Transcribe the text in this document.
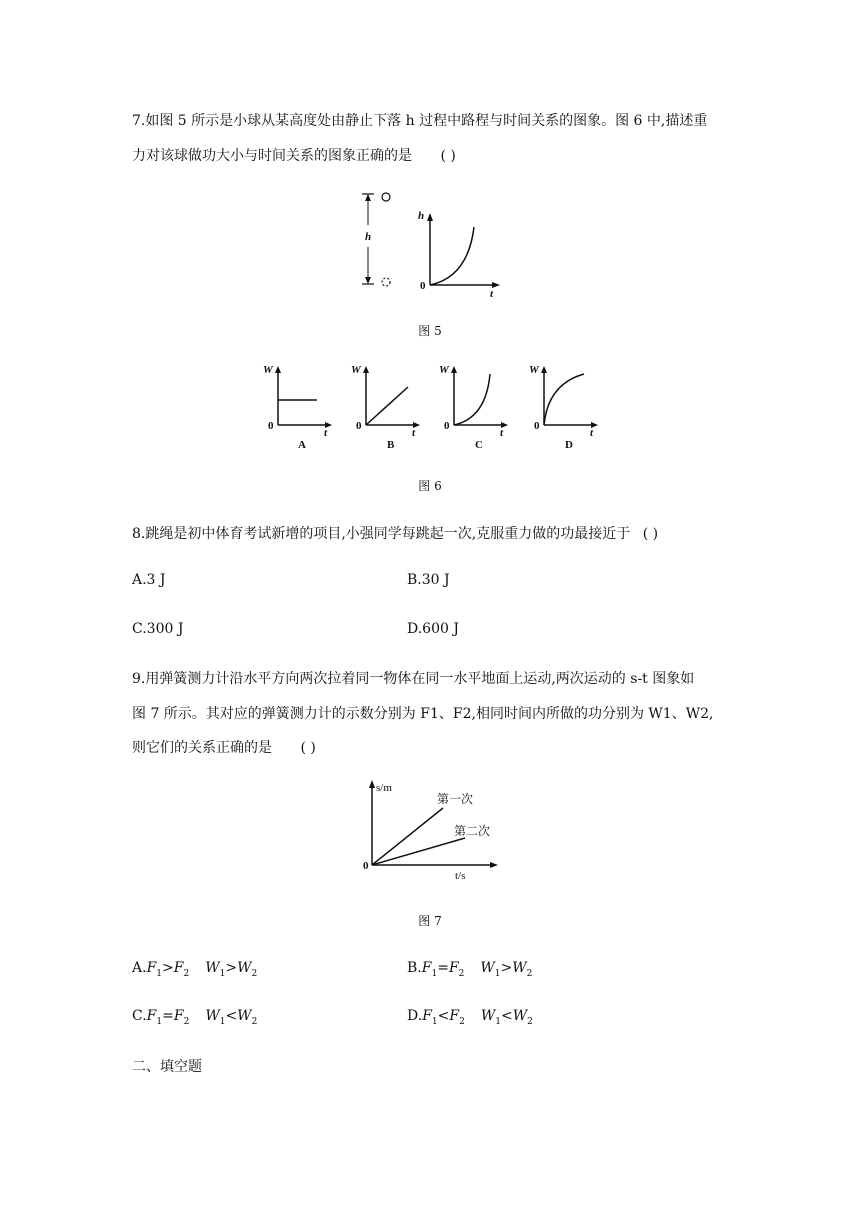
7.如图 5 所示是小球从某高度处由静止下落 h 过程中路程与时间关系的图象。图 6 中,描述重
力对该球做功大小与时间关系的图象正确的是 ( )
h
h
t
0
图 5
W
t
0
A
W
t
0
B
W
t
0
C
W
t
0
D
图 6
8.跳绳是初中体育考试新增的项目,小强同学每跳起一次,克服重力做的功最接近于 ( )
A.3 J	B.30 J
C.300 J	D.600 J
9.用弹簧测力计沿水平方向两次拉着同一物体在同一水平地面上运动,两次运动的 s-t 图象如
图 7 所示。其对应的弹簧测力计的示数分别为 F1、F2,相同时间内所做的功分别为 W1、W2,
则它们的关系正确的是 ( )
s/m
t/s
0
第一次
第二次
图 7
$A.F_1>F_2$ $W_1>W_2$	$B.F_1=F_2$ $W_1>W_2$
$C.F_1=F_2$ $W_1<W_2$	$D.F_1<F_2$ $W_1<W_2$
二、填空题
